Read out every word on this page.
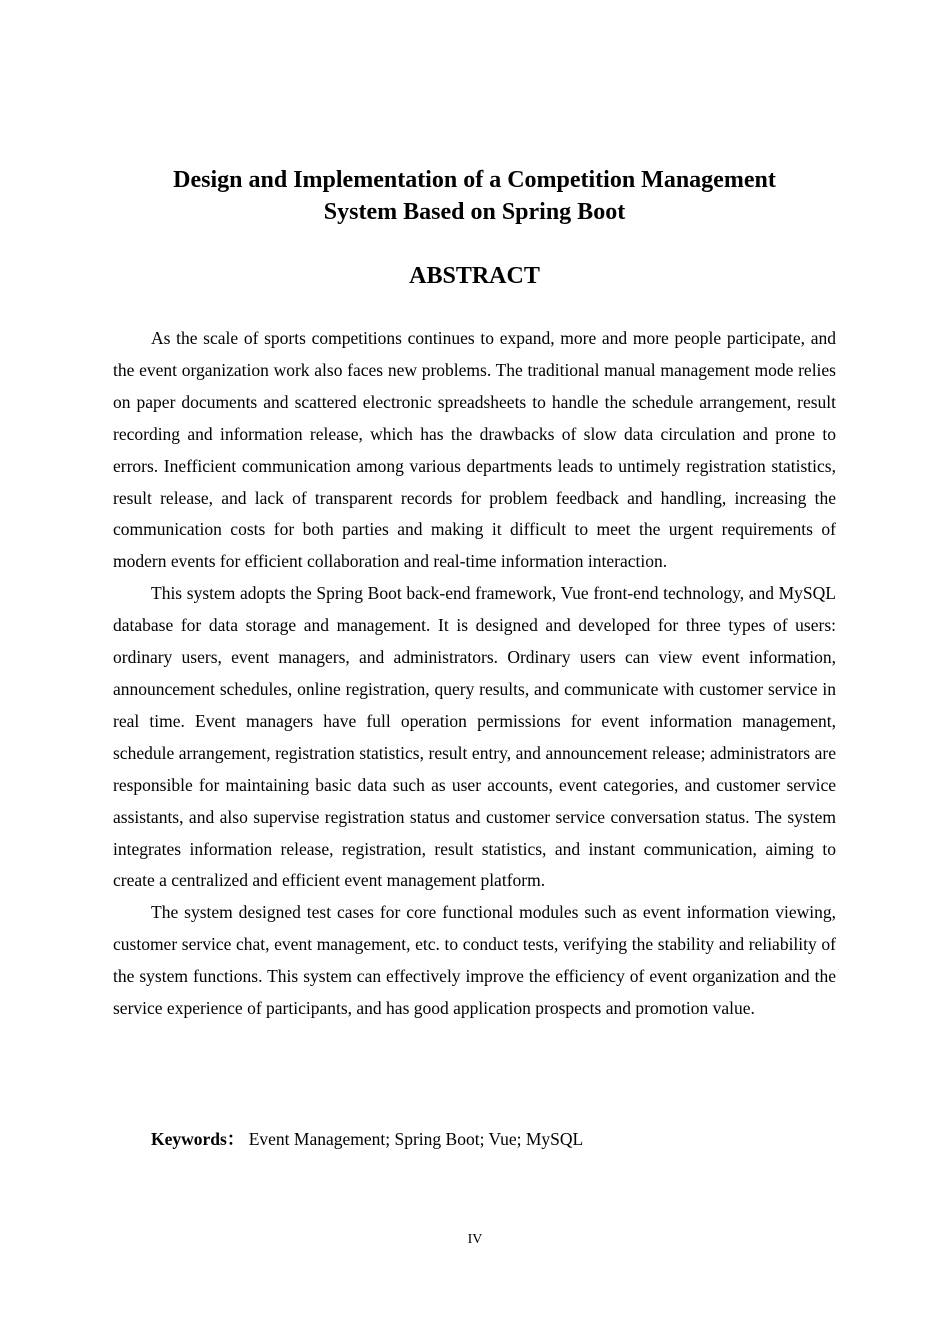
Design and Implementation of a Competition Management
System Based on Spring Boot
ABSTRACT

As the scale of sports competitions continues to expand, more and more people participate, and the event organization work also faces new problems. The traditional manual management mode relies on paper documents and scattered electronic spreadsheets to handle the schedule arrangement, result recording and information release, which has the drawbacks of slow data circulation and prone to errors. Inefficient communication among various departments leads to untimely registration statistics, result release, and lack of transparent records for problem feedback and handling, increasing the communication costs for both parties and making it difficult to meet the urgent requirements of modern events for efficient collaboration and real-time information interaction.

This system adopts the Spring Boot back-end framework, Vue front-end technology, and MySQL database for data storage and management. It is designed and developed for three types of users: ordinary users, event managers, and administrators. Ordinary users can view event information, announcement schedules, online registration, query results, and communicate with customer service in real time. Event managers have full operation permissions for event information management, schedule arrangement, registration statistics, result entry, and announcement release; administrators are responsible for maintaining basic data such as user accounts, event categories, and customer service assistants, and also supervise registration status and customer service conversation status. The system integrates information release, registration, result statistics, and instant communication, aiming to create a centralized and efficient event management platform.

The system designed test cases for core functional modules such as event information viewing, customer service chat, event management, etc. to conduct tests, verifying the stability and reliability of the system functions. This system can effectively improve the efficiency of event organization and the service experience of participants, and has good application prospects and promotion value.

Keywords： Event Management; Spring Boot; Vue; MySQL
IV
